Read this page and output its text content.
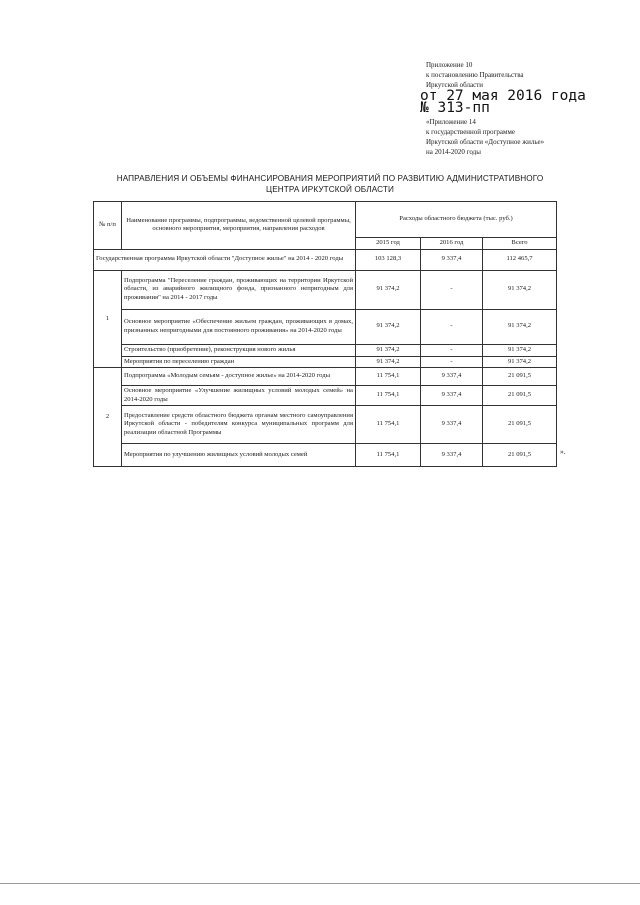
Приложение 10
к постановлению Правительства
Иркутской области
от 27 мая 2016 года
№ 313-пп
«Приложение 14
к государственной программе
Иркутской области «Доступное жилье»
на 2014-2020 годы
НАПРАВЛЕНИЯ И ОБЪЕМЫ ФИНАНСИРОВАНИЯ МЕРОПРИЯТИЙ ПО РАЗВИТИЮ АДМИНИСТРАТИВНОГО
ЦЕНТРА ИРКУТСКОЙ ОБЛАСТИ
№ п/п	Наименование программы, подпрограммы, ведомственной целевой программы, основного мероприятия, мероприятия, направления расходов	Расходы областного бюджета (тыс. руб.)		
		2015 год	2016 год	Всего
Государственная программа Иркутской области "Доступное жилье" на 2014 - 2020 годы		103 128,3	9 337,4	112 465,7
1	Подпрограмма "Переселение граждан, проживающих на территории Иркутской области, из аварийного жилищного фонда, признанного непригодным для проживания" на 2014 - 2017 годы	91 374,2	-	91 374,2
	Основное мероприятие «Обеспечение жильем граждан, проживающих в домах, признанных непригодными для постоянного проживания» на 2014-2020 годы	91 374,2	-	91 374,2
	Строительство (приобретение), реконструкция нового жилья	91 374,2	-	91 374,2
	Мероприятия по переселению граждан	91 374,2	-	91 374,2
2	Подпрограмма «Молодым семьям - доступное жилье» на 2014-2020 годы	11 754,1	9 337,4	21 091,5
	Основное мероприятие «Улучшение жилищных условий молодых семей» на 2014-2020 годы	11 754,1	9 337,4	21 091,5
	Предоставление средств областного бюджета органам местного самоуправления Иркутской области - победителям конкурса муниципальных программ для реализации областной Программы	11 754,1	9 337,4	21 091,5
	Мероприятия по улучшению жилищных условий молодых семей	11 754,1	9 337,4	21 091,5	».
